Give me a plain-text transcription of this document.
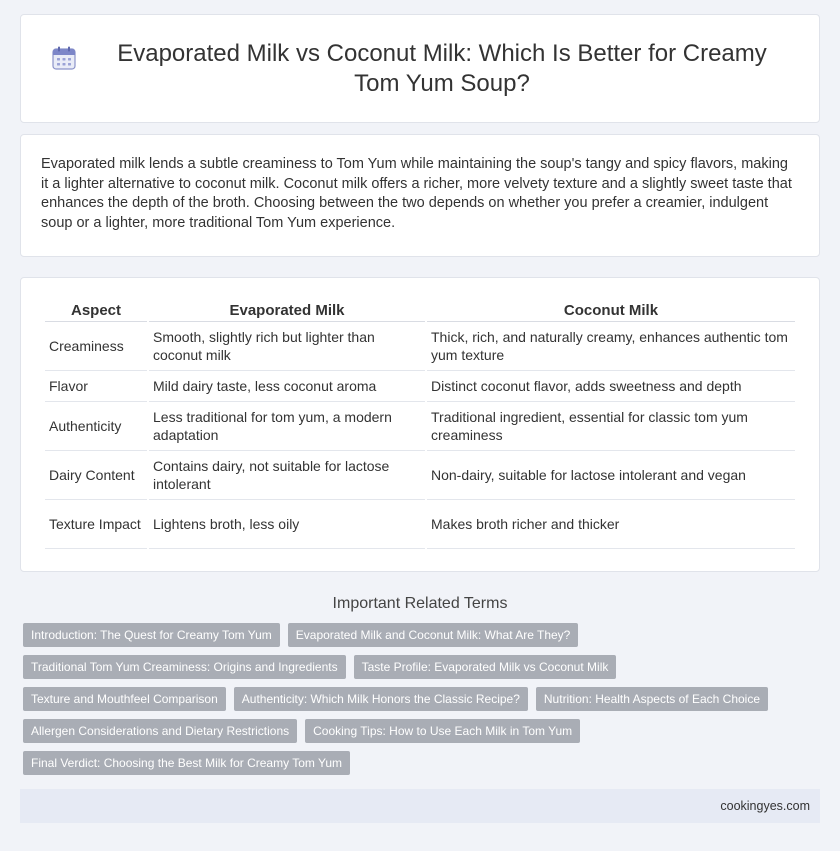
Evaporated Milk vs Coconut Milk: Which Is Better for Creamy Tom Yum Soup?

Evaporated milk lends a subtle creaminess to Tom Yum while maintaining the soup's tangy and spicy flavors, making it a lighter alternative to coconut milk. Coconut milk offers a richer, more velvety texture and a slightly sweet taste that enhances the depth of the broth. Choosing between the two depends on whether you prefer a creamier, indulgent soup or a lighter, more traditional Tom Yum experience.

Aspect	Evaporated Milk	Coconut Milk
Creaminess	Smooth, slightly rich but lighter than coconut milk	Thick, rich, and naturally creamy, enhances authentic tom yum texture
Flavor	Mild dairy taste, less coconut aroma	Distinct coconut flavor, adds sweetness and depth
Authenticity	Less traditional for tom yum, a modern adaptation	Traditional ingredient, essential for classic tom yum creaminess
Dairy Content	Contains dairy, not suitable for lactose intolerant	Non-dairy, suitable for lactose intolerant and vegan
Texture Impact	Lightens broth, less oily	Makes broth richer and thicker
Important Related Terms
Introduction: The Quest for Creamy Tom Yum	Evaporated Milk and Coconut Milk: What Are They?
Traditional Tom Yum Creaminess: Origins and Ingredients	Taste Profile: Evaporated Milk vs Coconut Milk
Texture and Mouthfeel Comparison	Authenticity: Which Milk Honors the Classic Recipe?	Nutrition: Health Aspects of Each Choice
Allergen Considerations and Dietary Restrictions	Cooking Tips: How to Use Each Milk in Tom Yum
Final Verdict: Choosing the Best Milk for Creamy Tom Yum
cookingyes.com
